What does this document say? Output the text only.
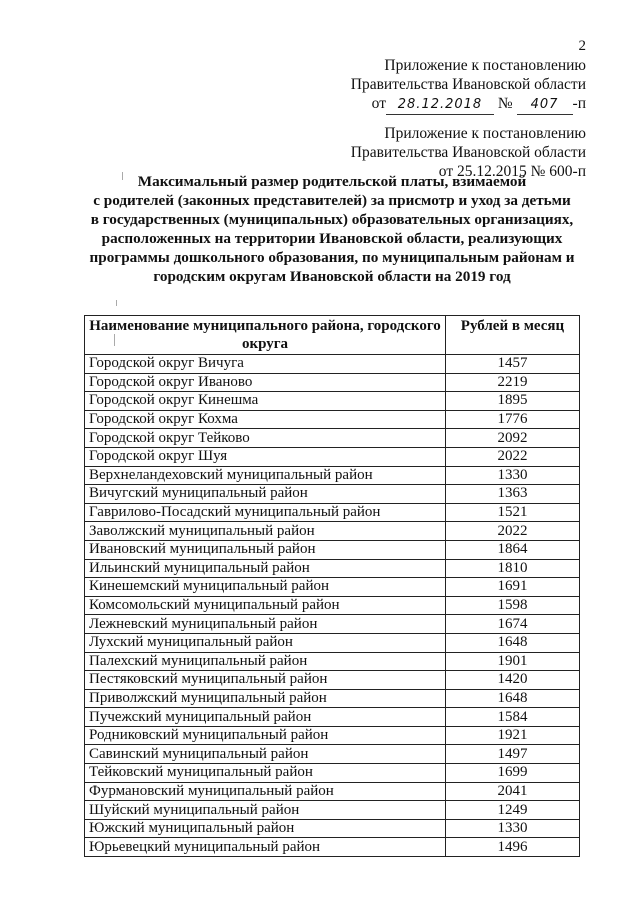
2
Приложение к постановлению
Правительства Ивановской области
от 28.12.2018 № 407 -п
Приложение к постановлению
Правительства Ивановской области
от 25.12.2015 № 600-п
Максимальный размер родительской платы, взимаемой
с родителей (законных представителей) за присмотр и уход за детьми
в государственных (муниципальных) образовательных организациях,
расположенных на территории Ивановской области, реализующих
программы дошкольного образования, по муниципальным районам и
городским округам Ивановской области на 2019 год
Наименование муниципального района, городского округа	Рублей в месяц
Городской округ Вичуга	1457
Городской округ Иваново	2219
Городской округ Кинешма	1895
Городской округ Кохма	1776
Городской округ Тейково	2092
Городской округ Шуя	2022
Верхнеландеховский муниципальный район	1330
Вичугский муниципальный район	1363
Гаврилово-Посадский муниципальный район	1521
Заволжский муниципальный район	2022
Ивановский муниципальный район	1864
Ильинский муниципальный район	1810
Кинешемский муниципальный район	1691
Комсомольский муниципальный район	1598
Лежневский муниципальный район	1674
Лухский муниципальный район	1648
Палехский муниципальный район	1901
Пестяковский муниципальный район	1420
Приволжский муниципальный район	1648
Пучежский муниципальный район	1584
Родниковский муниципальный район	1921
Савинский муниципальный район	1497
Тейковский муниципальный район	1699
Фурмановский муниципальный район	2041
Шуйский муниципальный район	1249
Южский муниципальный район	1330
Юрьевецкий муниципальный район	1496
